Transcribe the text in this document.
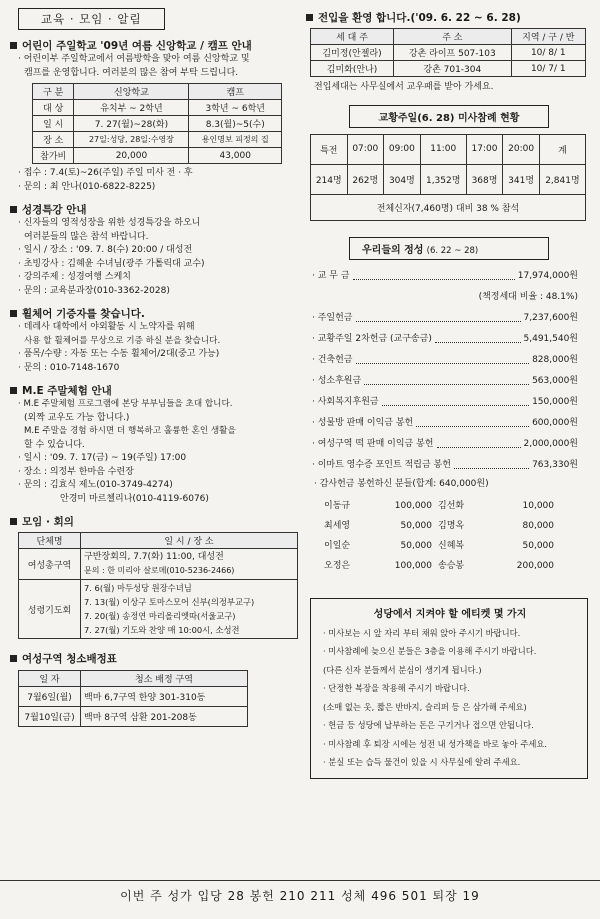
교육 · 모임 · 알림
어린이 주일학교 '09년 여름 신앙학교 / 캠프 안내
· 어린이부 주일학교에서 여름방학을 맞아 여름 신앙학교 및
캠프를 운영합니다. 여러분의 많은 참여 부탁 드립니다.
구 분	신앙학교	캠프
대 상	유치부 ~ 2학년	3학년 ~ 6학년
일 시	7. 27(월)~28(화)	8.3(월)~5(수)
장 소	27일:성당, 28일:수영장	용인명보 피정의 집
참가비	20,000	43,000
· 접수 : 7.4(토)~26(주일) 주일 미사 전 · 후
· 문의 : 최 안나(010-6822-8225)
성경특강 안내
· 신자들의 영적성장을 위한 성경특강을 하오니
여러분들의 많은 참석 바랍니다.
· 일시 / 장소 : '09. 7. 8(수) 20:00 / 대성전
· 초빙강사 : 김혜윤 수녀님(광주 가톨릭대 교수)
· 강의주제 : 성경여행 스케치
· 문의 : 교육분과장(010-3362-2028)
휠체어 기증자를 찾습니다.
· 데레사 대학에서 야외활동 시 노약자를 위해
사용 할 휠체어를 무상으로 기증 하실 분을 찾습니다.
· 품목/수량 : 자동 또는 수동 휠체어/2대(중고 가능)
· 문의 : 010-7148-1670
M.E 주말체험 안내
· M.E 주말체험 프로그램에 본당 부부님들을 초대 합니다.
(외짝 교우도 가능 합니다.)
M.E 주말을 경험 하시면 더 행복하고 훌륭한 혼인 생활을
할 수 있습니다.
· 일시 : '09. 7. 17(금) ~ 19(주일) 17:00
· 장소 : 의정부 한마음 수련장
· 문의 : 김효식 제노(010-3749-4274)
안경미 마르첼리나(010-4119-6076)
모임 · 회의
단체명	일 시 / 장 소
여성총구역	구반장회의, 7.7(화) 11:00, 대성전
문의 : 한 미리아 살로메(010-5236-2466)

성령기도회	7. 6(월) 마두성당 원장수녀님
7. 13(월) 이상구 토마스모어 신부(의정부교구)
7. 20(월) 송정연 마리올리엣따(서울교구)
7. 27(월) 기도와 찬양 매 10:00시, 소성전
여성구역 청소배정표
일 자	청소 배정 구역
7월6일(월)	백마 6,7구역 한양 301-310동
7월10일(금)	백마 8구역 삼환 201-208동
전입을 환영 합니다.('09. 6. 22 ~ 6. 28)
세 대 주	주 소	지역 / 구 / 반
김미정(안젤라)	강촌 라이프 507-103	10/ 8/ 1
김미화(안나)	강촌 701-304	10/ 7/ 1
전입세대는 사무실에서 교우패를 받아 가세요.
교황주일(6. 28) 미사참례 현황
특전	07:00	09:00	11:00	17:00	20:00	계
214명	262명	304명	1,352명	368명	341명	2,841명
전체신자(7,460명) 대비 38 % 참석						
우리들의 정성 (6. 22 ~ 28)
· 교 무 금	17,974,000원
(책정세대 비율 : 48.1%)
· 주일헌금	7,237,600원
· 교황주일 2차헌금 (교구송금)	5,491,540원
· 건축헌금	828,000원
· 성소후원금	563,000원
· 사회복지후원금	150,000원
· 성물방 판매 이익금 봉헌	600,000원
· 여성구역 떡 판매 이익금 봉헌	2,000,000원
· 이마트 영수증 포인트 적립금 봉헌	763,330원
· 감사헌금 봉헌하신 분들(합계: 640,000원)
이동규	100,000 김선화	10,000
최세영	50,000 김명옥	80,000
이일순	50,000 신혜복	50,000
오정은	100,000 송승봉	200,000
성당에서 지켜야 할 에티켓 몇 가지
· 미사보는 시 앞 자리 부터 채워 앉아 주시기 바랍니다.
· 미사참례에 늦으신 분들은 3층을 이용해 주시기 바랍니다.
(다른 신자 분들께서 분심이 생기게 됩니다.)
· 단정한 복장을 착용해 주시기 바랍니다.
(소매 없는 옷, 짧은 반바지, 슬리퍼 등 은 삼가해 주세요)
· 헌금 등 성당에 납부하는 돈은 구기거나 접으면 안됩니다.
· 미사참례 후 퇴장 시에는 성전 내 성가책을 바로 놓아 주세요.
· 분실 또는 습득 물건이 있을 시 사무실에 알려 주세요.
이번 주 성가 입당 28 봉헌 210 211 성체 496 501 퇴장 19
